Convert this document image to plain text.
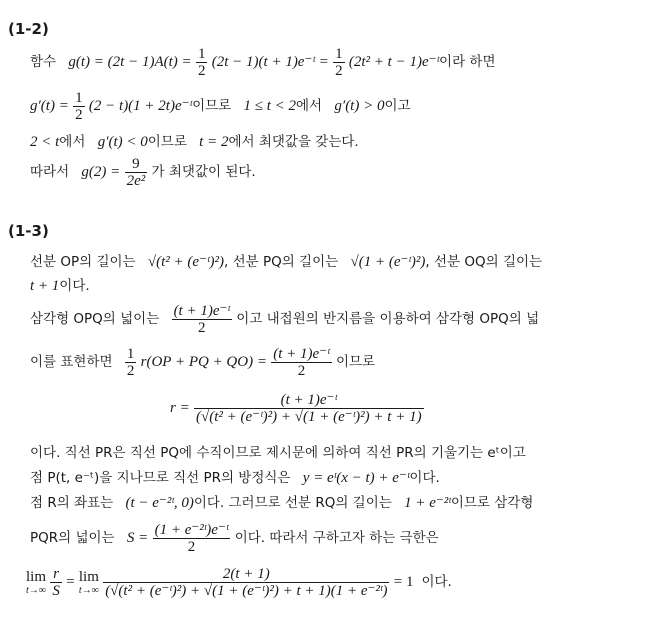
(1-2)
함수 $g(t) = (2t - 1)A(t) = \frac{1}{2} (2t - 1)(t$ + 1)e⁻ᵗ = $\frac{1}{2} (2t^2 + t$ − 1)e⁻ᵗ이라 하면
$g'(t) = \frac{1}{2} (2 - t)(1$ + 2t)e⁻ᵗ이므로 1 ≤ t < 2에서 g′(t) > 0이고
2 < t에서 g′(t) < 0이므로 t = 2에서 최댓값을 갖는다.
따라서 $g(2) = \frac{9}{\text{2e²}}$ 가 최댓값이 된다.
(1-3)
선분 OP의 길이는 √(t² + (e⁻ᵗ)²), 선분 PQ의 길이는 √(1 + (e⁻ᵗ)²), 선분 OQ의 길이는
t + 1이다.
삼각형 OPQ의 넓이는 $\frac{\text{(t + 1)e⁻ᵗ}}{2}$ 이고 내접원의 반지름을 이용하여 삼각형 OPQ의 넓
이를 표현하면 $\frac{1}{2} r(OP$ + PQ + $QO) = \frac{\text{(t + 1)e⁻ᵗ}}{2}$ 이므로
$r = \frac{\text{(t + 1)e⁻ᵗ}}{\text{(√(t² + (e⁻ᵗ)²) + √(1 + (e⁻ᵗ)²) + t + 1)}}$
이다. 직선 PR은 직선 PQ에 수직이므로 제시문에 의하여 직선 PR의 기울기는 eᵗ이고
점 P(t, e⁻ᵗ)을 지나므로 직선 PR의 방정식은 y = eᵗ(x − t) + e⁻ᵗ이다.
점 R의 좌표는 (t − e⁻²ᵗ, 0)이다. 그러므로 선분 RQ의 길이는 1 + e⁻²ᵗ이므로 삼각형
PQR의 넓이는 $S = \frac{\text{(1 + e⁻²ᵗ)e⁻ᵗ}}{2}$ 이다. 따라서 구하고자 하는 극한은
lim
t→∞
$\frac{r}{S} = \lim$
t→∞
$\frac{2(t + 1)}{\text{(√(t² + (e⁻ᵗ)²) + √(1 + (e⁻ᵗ)²) + t + 1)(1 + e⁻²ᵗ)}} = 1$ 이다.
